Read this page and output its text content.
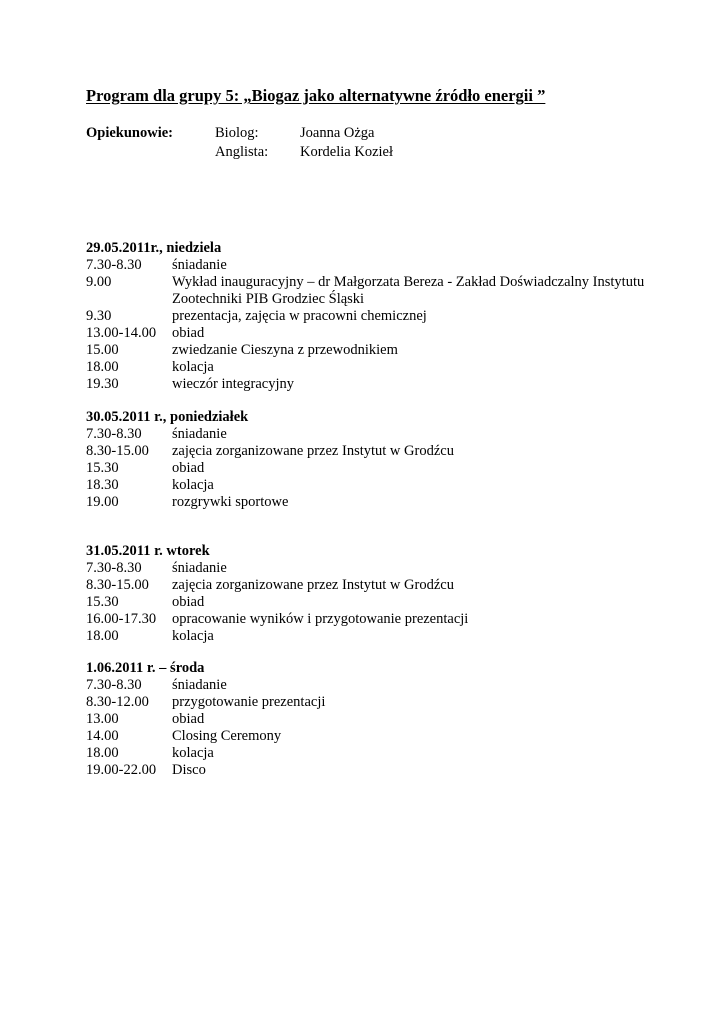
Program dla grupy 5: „Biogaz jako alternatywne źródło energii ”
Opiekunowie:	Biolog:	Joanna Ożga
Anglista: Kordelia Kozieł
29.05.2011r., niedziela
7.30-8.30 śniadanie
9.00	Wykład inauguracyjny – dr Małgorzata Bereza - Zakład Doświadczalny Instytutu Zootechniki PIB Grodziec Śląski
9.30	prezentacja, zajęcia w pracowni chemicznej
13.00-14.00 obiad
15.00	zwiedzanie Cieszyna z przewodnikiem
18.00	kolacja
19.30	wieczór integracyjny
30.05.2011 r., poniedziałek
7.30-8.30 śniadanie
8.30-15.00 zajęcia zorganizowane przez Instytut w Grodźcu
15.30	obiad
18.30	kolacja
19.00	rozgrywki sportowe
31.05.2011 r. wtorek
7.30-8.30 śniadanie
8.30-15.00 zajęcia zorganizowane przez Instytut w Grodźcu
15.30	obiad
16.00-17.30 opracowanie wyników i przygotowanie prezentacji
18.00	kolacja
1.06.2011 r. – środa
7.30-8.30 śniadanie
8.30-12.00 przygotowanie prezentacji
13.00	obiad
14.00	Closing Ceremony
18.00	kolacja
19.00-22.00 Disco
